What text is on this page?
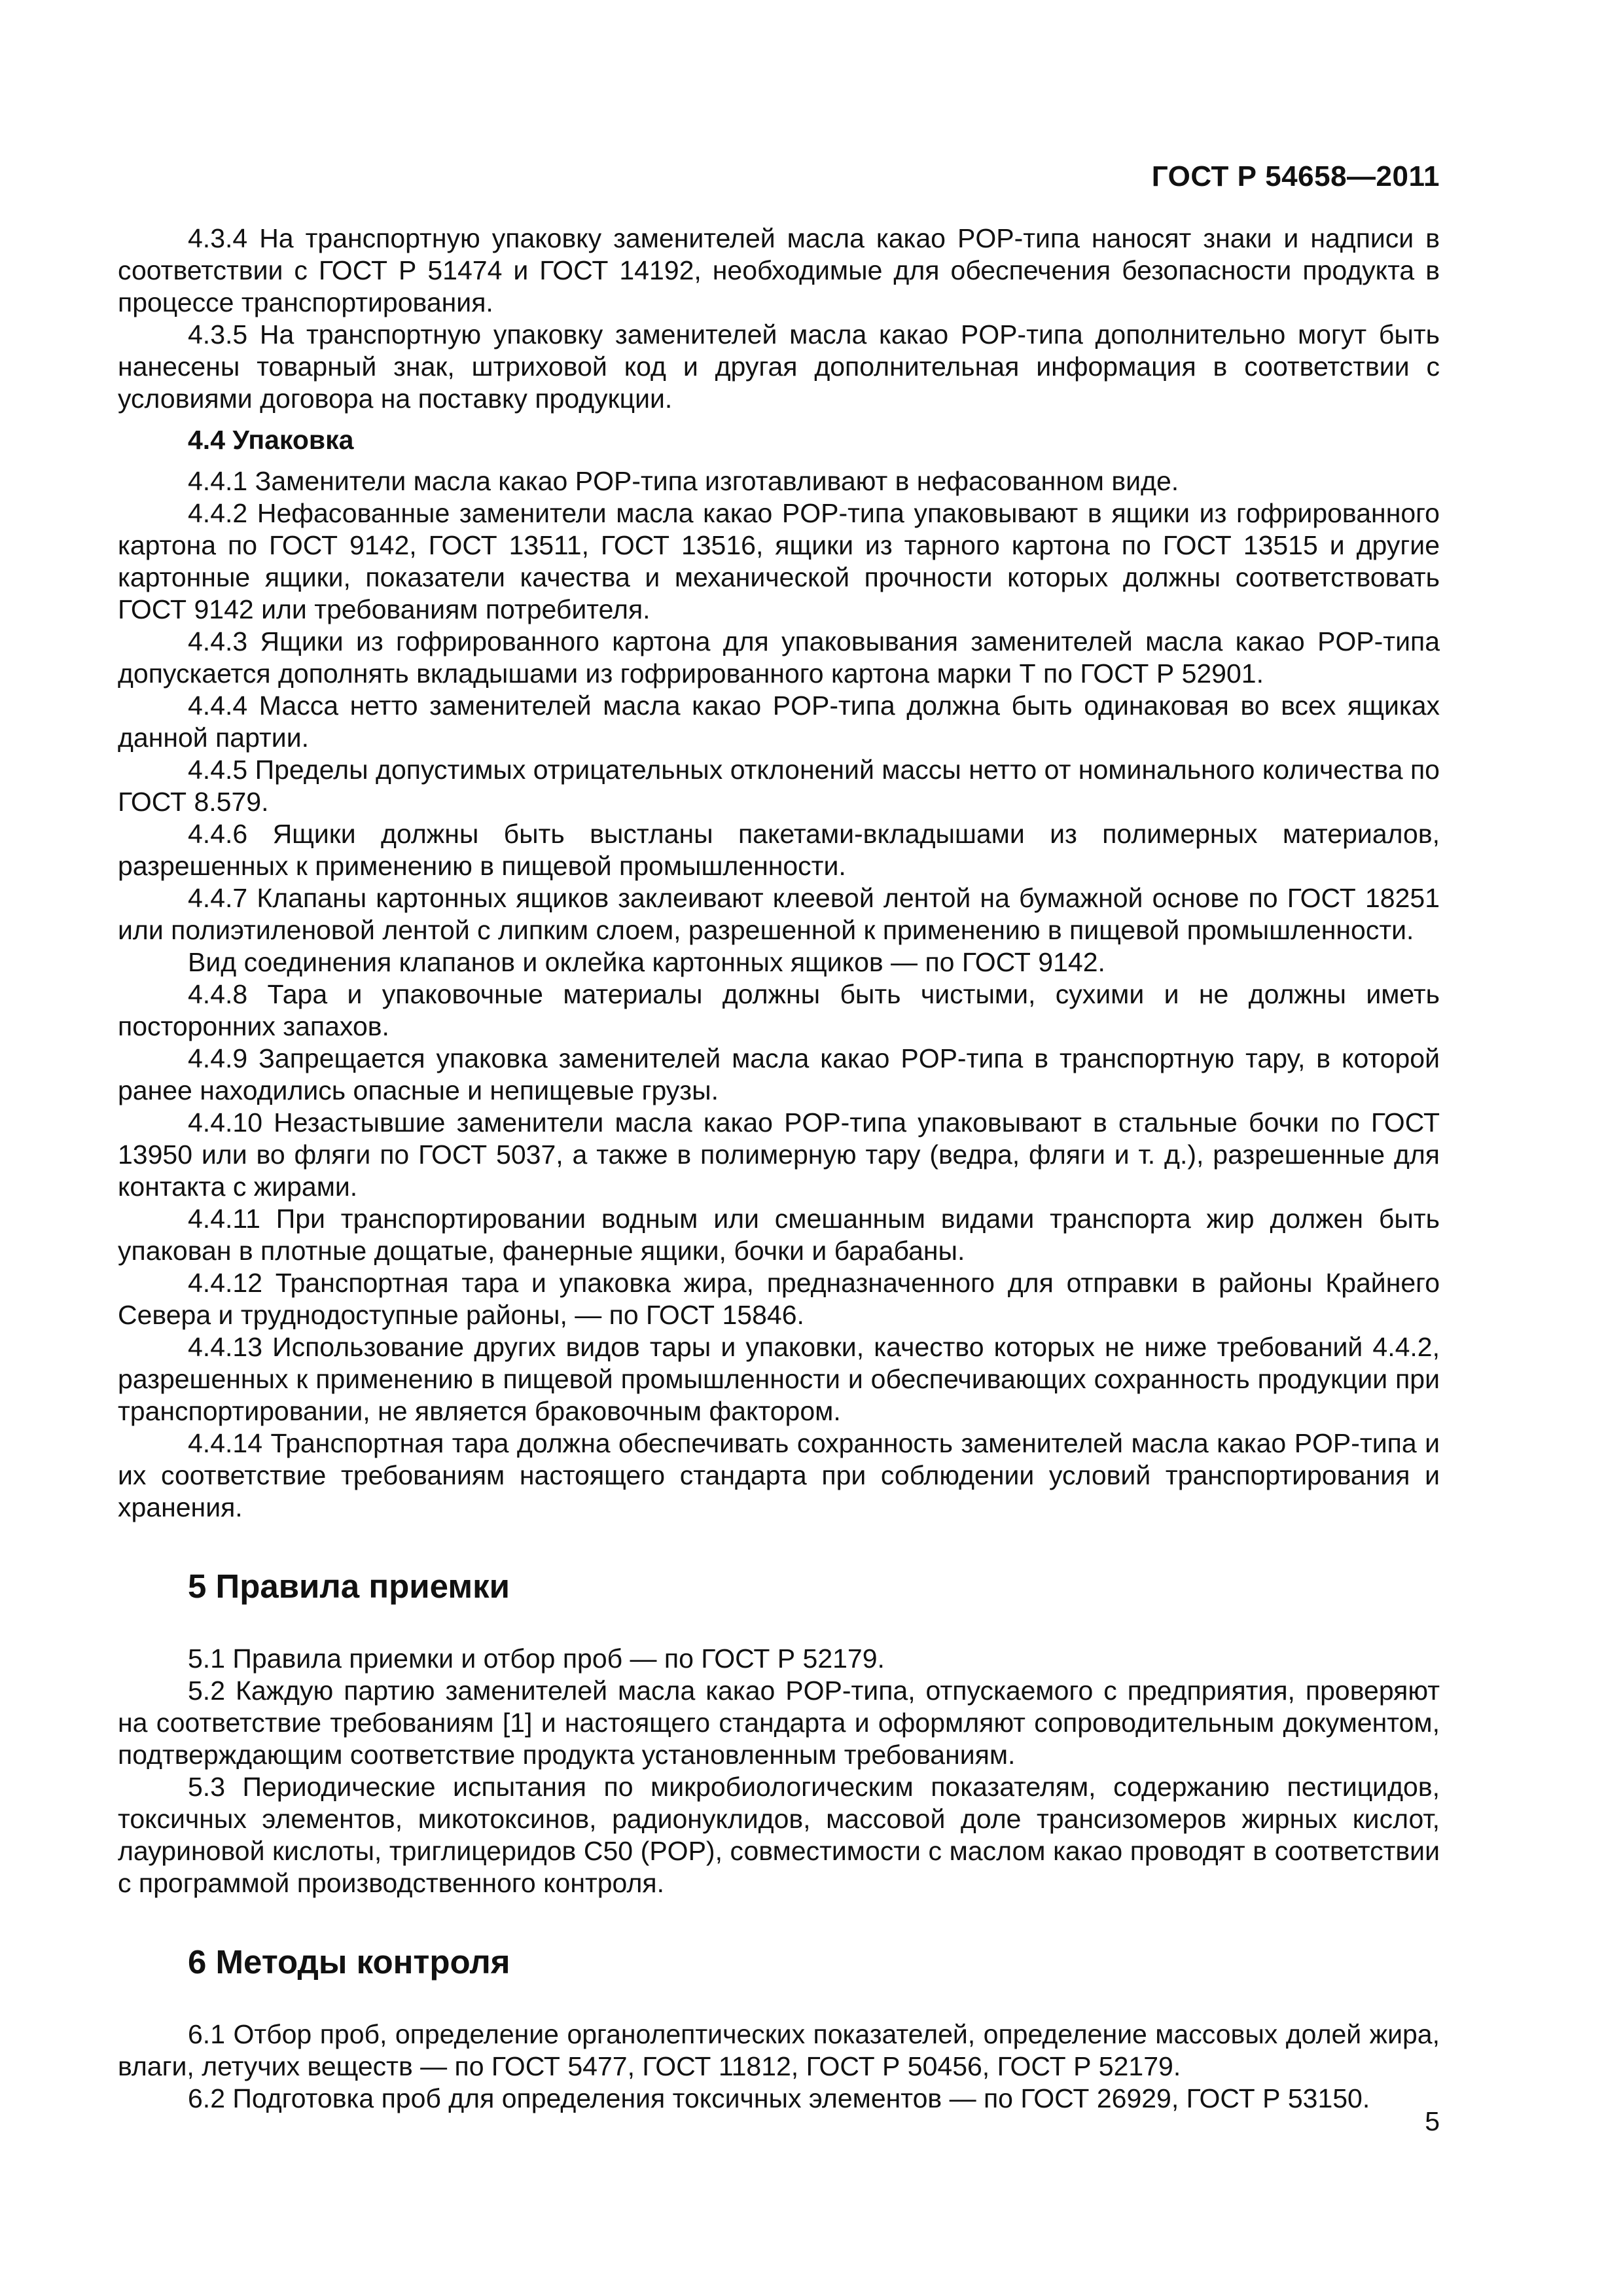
ГОСТ Р 54658—2011
4.3.4 На транспортную упаковку заменителей масла какао POP-типа наносят знаки и надписи в соответствии с ГОСТ Р 51474 и ГОСТ 14192, необходимые для обеспечения безопасности продукта в процессе транспортирования.
4.3.5 На транспортную упаковку заменителей масла какао POP-типа дополнительно могут быть нанесены товарный знак, штриховой код и другая дополнительная информация в соответствии с условиями договора на поставку продукции.
4.4 Упаковка
4.4.1 Заменители масла какао POP-типа изготавливают в нефасованном виде.
4.4.2 Нефасованные заменители масла какао POP-типа упаковывают в ящики из гофрированного картона по ГОСТ 9142, ГОСТ 13511, ГОСТ 13516, ящики из тарного картона по ГОСТ 13515 и другие картонные ящики, показатели качества и механической прочности которых должны соответствовать ГОСТ 9142 или требованиям потребителя.
4.4.3 Ящики из гофрированного картона для упаковывания заменителей масла какао POP-типа допускается дополнять вкладышами из гофрированного картона марки Т по ГОСТ Р 52901.
4.4.4 Масса нетто заменителей масла какао POP-типа должна быть одинаковая во всех ящиках данной партии.
4.4.5 Пределы допустимых отрицательных отклонений массы нетто от номинального количества по ГОСТ 8.579.
4.4.6 Ящики должны быть выстланы пакетами-вкладышами из полимерных материалов, разрешенных к применению в пищевой промышленности.
4.4.7 Клапаны картонных ящиков заклеивают клеевой лентой на бумажной основе по ГОСТ 18251 или полиэтиленовой лентой с липким слоем, разрешенной к применению в пищевой промышленности.
Вид соединения клапанов и оклейка картонных ящиков — по ГОСТ 9142.
4.4.8 Тара и упаковочные материалы должны быть чистыми, сухими и не должны иметь посторонних запахов.
4.4.9 Запрещается упаковка заменителей масла какао POP-типа в транспортную тару, в которой ранее находились опасные и непищевые грузы.
4.4.10 Незастывшие заменители масла какао POP-типа упаковывают в стальные бочки по ГОСТ 13950 или во фляги по ГОСТ 5037, а также в полимерную тару (ведра, фляги и т. д.), разрешенные для контакта с жирами.
4.4.11 При транспортировании водным или смешанным видами транспорта жир должен быть упакован в плотные дощатые, фанерные ящики, бочки и барабаны.
4.4.12 Транспортная тара и упаковка жира, предназначенного для отправки в районы Крайнего Севера и труднодоступные районы, — по ГОСТ 15846.
4.4.13 Использование других видов тары и упаковки, качество которых не ниже требований 4.4.2, разрешенных к применению в пищевой промышленности и обеспечивающих сохранность продукции при транспортировании, не является браковочным фактором.
4.4.14 Транспортная тара должна обеспечивать сохранность заменителей масла какао POP-типа и их соответствие требованиям настоящего стандарта при соблюдении условий транспортирования и хранения.
5 Правила приемки
5.1 Правила приемки и отбор проб — по ГОСТ Р 52179.
5.2 Каждую партию заменителей масла какао POP-типа, отпускаемого с предприятия, проверяют на соответствие требованиям [1] и настоящего стандарта и оформляют сопроводительным документом, подтверждающим соответствие продукта установленным требованиям.
5.3 Периодические испытания по микробиологическим показателям, содержанию пестицидов, токсичных элементов, микотоксинов, радионуклидов, массовой доле трансизомеров жирных кислот, лауриновой кислоты, триглицеридов С50 (POP), совместимости с маслом какао проводят в соответствии с программой производственного контроля.
6 Методы контроля
6.1 Отбор проб, определение органолептических показателей, определение массовых долей жира, влаги, летучих веществ — по ГОСТ 5477, ГОСТ 11812, ГОСТ Р 50456, ГОСТ Р 52179.
6.2 Подготовка проб для определения токсичных элементов — по ГОСТ 26929, ГОСТ Р 53150.
5
